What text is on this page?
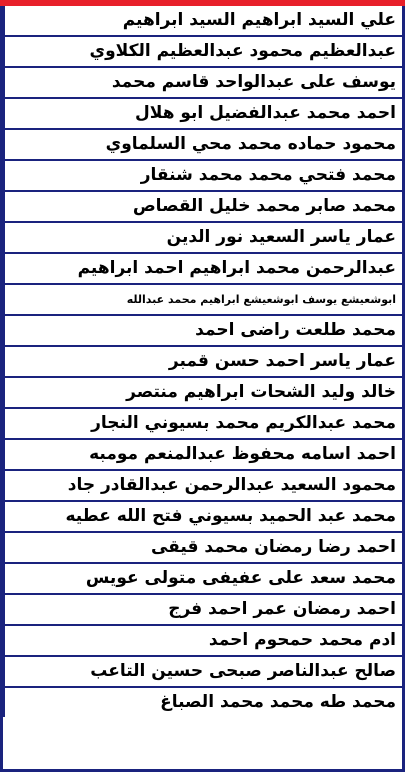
علي السيد ابراهيم السيد ابراهيم
عبدالعظيم محمود عبدالعظيم الكلاوي
يوسف على عبدالواحد قاسم محمد
احمد محمد عبدالفضيل ابو هلال
محمود حماده محمد محي السلماوي
محمد فتحي محمد محمد شنقار
محمد صابر محمد خليل القصاص
عمار ياسر السعيد نور الدين
عبدالرحمن محمد ابراهيم احمد ابراهيم
ابوشعيشع يوسف ابوشعيشع ابراهيم محمد عبدالله
محمد طلعت راضى احمد
عمار ياسر احمد حسن قمبر
خالد وليد الشحات ابراهيم منتصر
محمد عبدالكريم محمد بسيوني النجار
احمد اسامه محفوظ عبدالمنعم مومبه
محمود السعيد عبدالرحمن عبدالقادر جاد
محمد عبد الحميد بسيوني فتح الله عطيه
احمد رضا رمضان محمد قيقى
محمد سعد على عفيفى متولى عويس
احمد رمضان عمر احمد فرج
ادم محمد حمحوم احمد
صالح عبدالناصر صبحى حسين التاعب
محمد طه محمد محمد الصباغ
